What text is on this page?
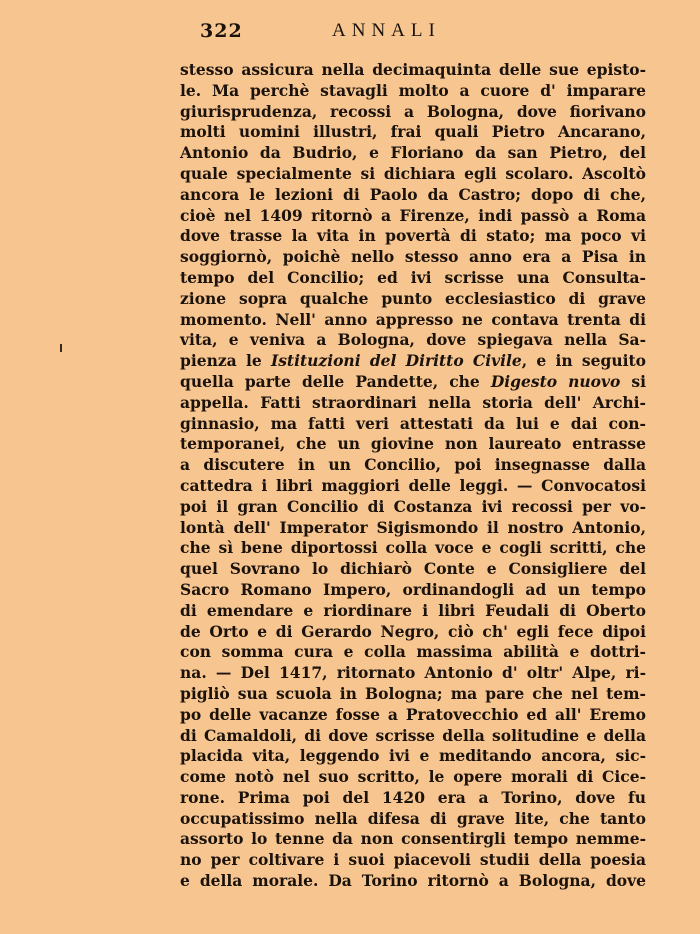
322	ANNALI
stesso assicura nella decimaquinta delle sue episto-
le. Ma perchè stavagli molto a cuore d' imparare
giurisprudenza, recossi a Bologna, dove fiorivano
molti uomini illustri, frai quali Pietro Ancarano,
Antonio da Budrio, e Floriano da san Pietro, del
quale specialmente si dichiara egli scolaro. Ascoltò
ancora le lezioni di Paolo da Castro; dopo di che,
cioè nel 1409 ritornò a Firenze, indi passò a Roma
dove trasse la vita in povertà di stato; ma poco vi
soggiornò, poichè nello stesso anno era a Pisa in
tempo del Concilio; ed ivi scrisse una Consulta-
zione sopra qualche punto ecclesiastico di grave
momento. Nell' anno appresso ne contava trenta di
vita, e veniva a Bologna, dove spiegava nella Sa-
pienza le Istituzioni del Diritto Civile, e in seguito
quella parte delle Pandette, che Digesto nuovo si
appella. Fatti straordinari nella storia dell' Archi-
ginnasio, ma fatti veri attestati da lui e dai con-
temporanei, che un giovine non laureato entrasse
a discutere in un Concilio, poi insegnasse dalla
cattedra i libri maggiori delle leggi. — Convocatosi
poi il gran Concilio di Costanza ivi recossi per vo-
lontà dell' Imperator Sigismondo il nostro Antonio,
che sì bene diportossi colla voce e cogli scritti, che
quel Sovrano lo dichiarò Conte e Consigliere del
Sacro Romano Impero, ordinandogli ad un tempo
di emendare e riordinare i libri Feudali di Oberto
de Orto e di Gerardo Negro, ciò ch' egli fece dipoi
con somma cura e colla massima abilità e dottri-
na. — Del 1417, ritornato Antonio d' oltr' Alpe, ri-
pigliò sua scuola in Bologna; ma pare che nel tem-
po delle vacanze fosse a Pratovecchio ed all' Eremo
di Camaldoli, di dove scrisse della solitudine e della
placida vita, leggendo ivi e meditando ancora, sic-
come notò nel suo scritto, le opere morali di Cice-
rone. Prima poi del 1420 era a Torino, dove fu
occupatissimo nella difesa di grave lite, che tanto
assorto lo tenne da non consentirgli tempo nemme-
no per coltivare i suoi piacevoli studii della poesia
e della morale. Da Torino ritornò a Bologna, dove
